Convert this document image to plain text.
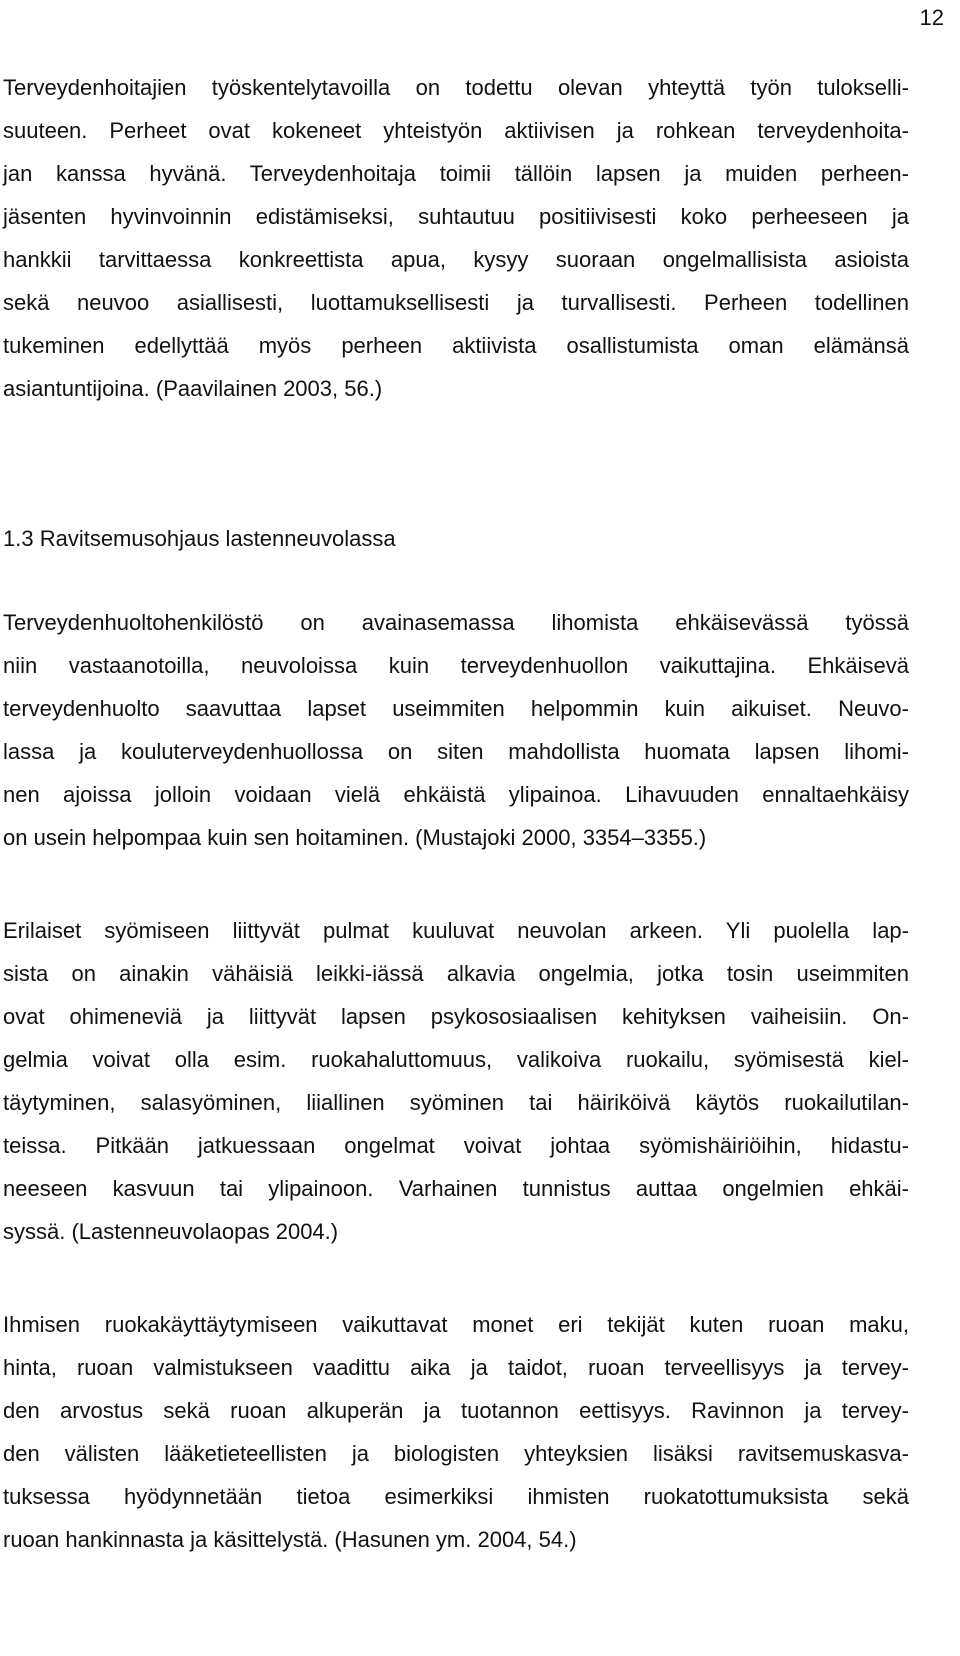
12
Terveydenhoitajien työskentelytavoilla on todettu olevan yhteyttä työn tulokselli-
suuteen. Perheet ovat kokeneet yhteistyön aktiivisen ja rohkean terveydenhoita-
jan kanssa hyvänä. Terveydenhoitaja toimii tällöin lapsen ja muiden perheen-
jäsenten hyvinvoinnin edistämiseksi, suhtautuu positiivisesti koko perheeseen ja
hankkii tarvittaessa konkreettista apua, kysyy suoraan ongelmallisista asioista
sekä neuvoo asiallisesti, luottamuksellisesti ja turvallisesti. Perheen todellinen
tukeminen edellyttää myös perheen aktiivista osallistumista oman elämänsä
asiantuntijoina. (Paavilainen 2003, 56.)
1.3 Ravitsemusohjaus lastenneuvolassa
Terveydenhuoltohenkilöstö on avainasemassa lihomista ehkäisevässä työssä
niin vastaanotoilla, neuvoloissa kuin terveydenhuollon vaikuttajina. Ehkäisevä
terveydenhuolto saavuttaa lapset useimmiten helpommin kuin aikuiset. Neuvo-
lassa ja kouluterveydenhuollossa on siten mahdollista huomata lapsen lihomi-
nen ajoissa jolloin voidaan vielä ehkäistä ylipainoa. Lihavuuden ennaltaehkäisy
on usein helpompaa kuin sen hoitaminen. (Mustajoki 2000, 3354–3355.)
Erilaiset syömiseen liittyvät pulmat kuuluvat neuvolan arkeen. Yli puolella lap-
sista on ainakin vähäisiä leikki-iässä alkavia ongelmia, jotka tosin useimmiten
ovat ohimeneviä ja liittyvät lapsen psykososiaalisen kehityksen vaiheisiin. On-
gelmia voivat olla esim. ruokahaluttomuus, valikoiva ruokailu, syömisestä kiel-
täytyminen, salasyöminen, liiallinen syöminen tai häiriköivä käytös ruokailutilan-
teissa. Pitkään jatkuessaan ongelmat voivat johtaa syömishäiriöihin, hidastu-
neeseen kasvuun tai ylipainoon. Varhainen tunnistus auttaa ongelmien ehkäi-
syssä. (Lastenneuvolaopas 2004.)
Ihmisen ruokakäyttäytymiseen vaikuttavat monet eri tekijät kuten ruoan maku,
hinta, ruoan valmistukseen vaadittu aika ja taidot, ruoan terveellisyys ja tervey-
den arvostus sekä ruoan alkuperän ja tuotannon eettisyys. Ravinnon ja tervey-
den välisten lääketieteellisten ja biologisten yhteyksien lisäksi ravitsemuskasva-
tuksessa hyödynnetään tietoa esimerkiksi ihmisten ruokatottumuksista sekä
ruoan hankinnasta ja käsittelystä. (Hasunen ym. 2004, 54.)
